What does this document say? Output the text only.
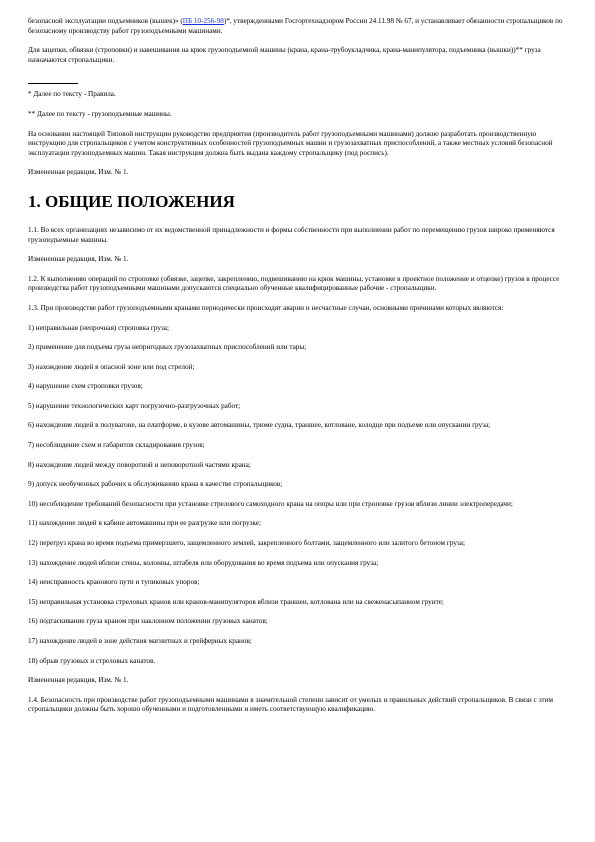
безопасной эксплуатации подъемников (вышек)» (ПБ 10-256-98)*, утвержденными Госгортехнадзором России 24.11.98 № 67, и устанавливает обязанности стропальщиков по безопасному производству работ грузоподъемными машинами.

Для зацепки, обвязки (строповки) и навешивания на крюк грузоподъемной машины (крана, крана-трубоукладчика, крана-манипулятора, подъемника (вышки))** груза назначаются стропальщики.

* Далее по тексту - Правила.

** Далее по тексту - грузоподъемные машины.

На основании настоящей Типовой инструкции руководство предприятия (производитель работ грузоподъемными машинами) должно разработать производственную инструкцию для стропальщиков с учетом конструктивных особенностей грузоподъемных машин и грузозахватных приспособлений, а также местных условий безопасной эксплуатации грузоподъемных машин. Такая инструкция должна быть выдана каждому стропальщику (под роспись).

Измененная редакция, Изм. № 1.

1. ОБЩИЕ ПОЛОЖЕНИЯ

1.1. Во всех организациях независимо от их ведомственной принадлежности и формы собственности при выполнении работ по перемещению грузов широко применяются грузоподъемные машины.

Измененная редакция, Изм. № 1.

1.2. К выполнению операций по строповке (обвязке, зацепке, закреплению, подвешиванию на крюк машины, установке в проектное положение и отцепке) грузов в процессе производства работ грузоподъемными машинами допускаются специально обученные квалифицированные рабочие - стропальщики.

1.3. При производстве работ грузоподъемными кранами периодически происходят аварии и несчастные случаи, основными причинами которых являются:

1) неправильная (непрочная) строповка груза;

2) применение для подъема груза непригодных грузозахватных приспособлений или тары;

3) нахождение людей в опасной зоне или под стрелой;

4) нарушение схем строповки грузов;

5) нарушение технологических карт погрузочно-разгрузочных работ;

6) нахождение людей в полувагоне, на платформе, в кузове автомашины, трюме судна, траншее, котловане, колодце при подъеме или опускании груза;

7) несоблюдение схем и габаритов складирования грузов;

8) нахождение людей между поворотной и неповоротной частями крана;

9) допуск необученных рабочих к обслуживанию крана в качестве стропальщиков;

10) несоблюдение требований безопасности при установке стрелового самоходного крана на опоры или при строповке грузов вблизи линии электропередачи;

11) нахождение людей в кабине автомашины при ее разгрузке или погрузке;

12) перегруз крана во время подъема примерзшего, защемленного землей, закрепленного болтами, защемленного или залитого бетоном груза;

13) нахождение людей вблизи стены, колонны, штабеля или оборудования во время подъема или опускания груза;

14) неисправность кранового пути и тупиковых упоров;

15) неправильная установка стреловых кранов или кранов-манипуляторов вблизи траншеи, котлована или на свеженасыпанном грунте;

16) подтаскивание груза краном при наклонном положении грузовых канатов;

17) нахождение людей в зоне действия магнитных и грейферных кранов;

18) обрыв грузовых и стреловых канатов.

Измененная редакция, Изм. № 1.

1.4. Безопасность при производстве работ грузоподъемными машинами в значительной степени зависит от умелых и правильных действий стропальщиков. В связи с этим стропальщики должны быть хорошо обученными и подготовленными и иметь соответствующую квалификацию.
